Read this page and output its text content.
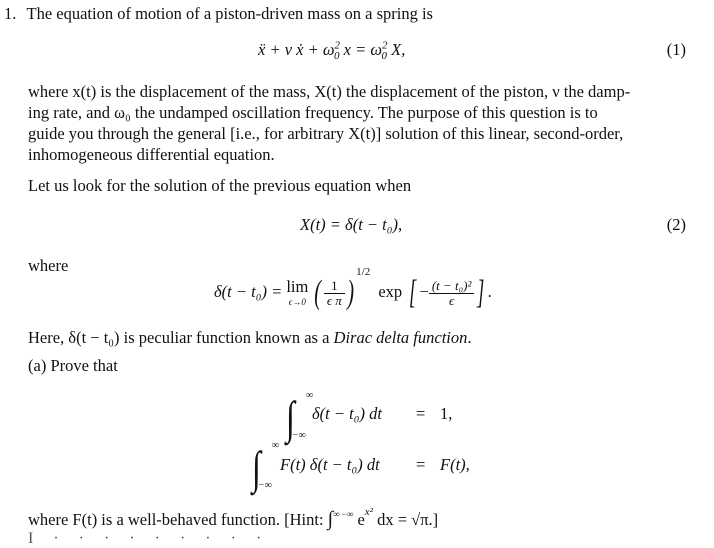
1. The equation of motion of a piston-driven mass on a spring is
ẍ + ν ẋ + $\omega^2_0$ $x = \omega^2_0$ X,	(1)
where x(t) is the displacement of the mass, X(t) the displacement of the piston, ν the damp-
ing rate, and ω₀ the undamped oscillation frequency. The purpose of this question is to
guide you through the general [i.e., for arbitrary X(t)] solution of this linear, second-order,
inhomogeneous differential equation.
Let us look for the solution of the previous equation when
X(t) = δ(t − t₀),	(2)
where
δ(t − t₀) = lim
ϵ→0 ( $\frac{1}{\text{ϵ π}} )^{1/2}$ exp [ − $\frac{\text{(t − t₀)²}}{\epsilon}$ ] .
Here, δ(t − t₀) is peculiar function known as a Dirac delta function.
(a) Prove that
∫ ∞
−∞
δ(t − t₀) dt = 1,
∫ ∞
−∞
F(t) δ(t − t₀) dt = F(t),
where F(t) is a well-behaved function. [Hint: ∫∞ −∞ $e^{x^2}$ dx = √π.]
I · · · · · · · · ·
